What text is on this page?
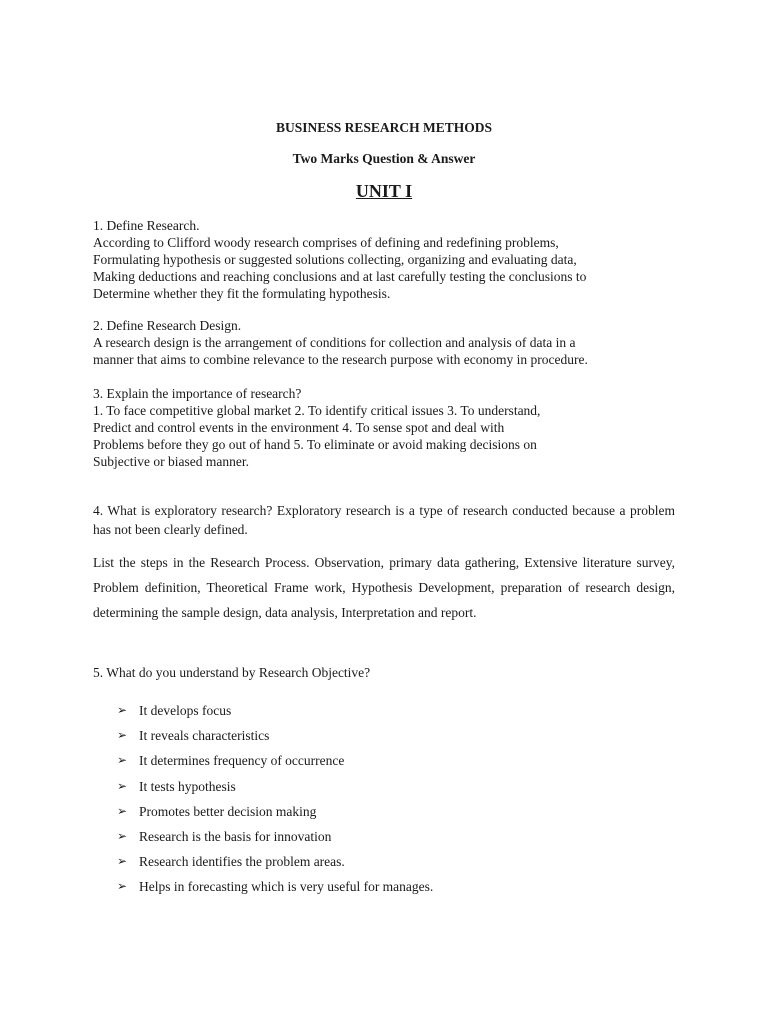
BUSINESS RESEARCH METHODS
Two Marks Question & Answer
UNIT I

1. Define Research.

According to Clifford woody research comprises of defining and redefining problems,

Formulating hypothesis or suggested solutions collecting, organizing and evaluating data,

Making deductions and reaching conclusions and at last carefully testing the conclusions to

Determine whether they fit the formulating hypothesis.

2. Define Research Design.

A research design is the arrangement of conditions for collection and analysis of data in a

manner that aims to combine relevance to the research purpose with economy in procedure.

3. Explain the importance of research?

1. To face competitive global market 2. To identify critical issues 3. To understand,

Predict and control events in the environment 4. To sense spot and deal with

Problems before they go out of hand 5. To eliminate or avoid making decisions on

Subjective or biased manner.

4. What is exploratory research? Exploratory research is a type of research conducted because a problem has not been clearly defined.
List the steps in the Research Process. Observation, primary data gathering, Extensive literature survey, Problem definition, Theoretical Frame work, Hypothesis Development, preparation of research design, determining the sample design, data analysis, Interpretation and report.
5. What do you understand by Research Objective?
➢ It develops focus
➢ It reveals characteristics
➢ It determines frequency of occurrence
➢ It tests hypothesis
➢ Promotes better decision making
➢ Research is the basis for innovation
➢ Research identifies the problem areas.
➢ Helps in forecasting which is very useful for manages.
